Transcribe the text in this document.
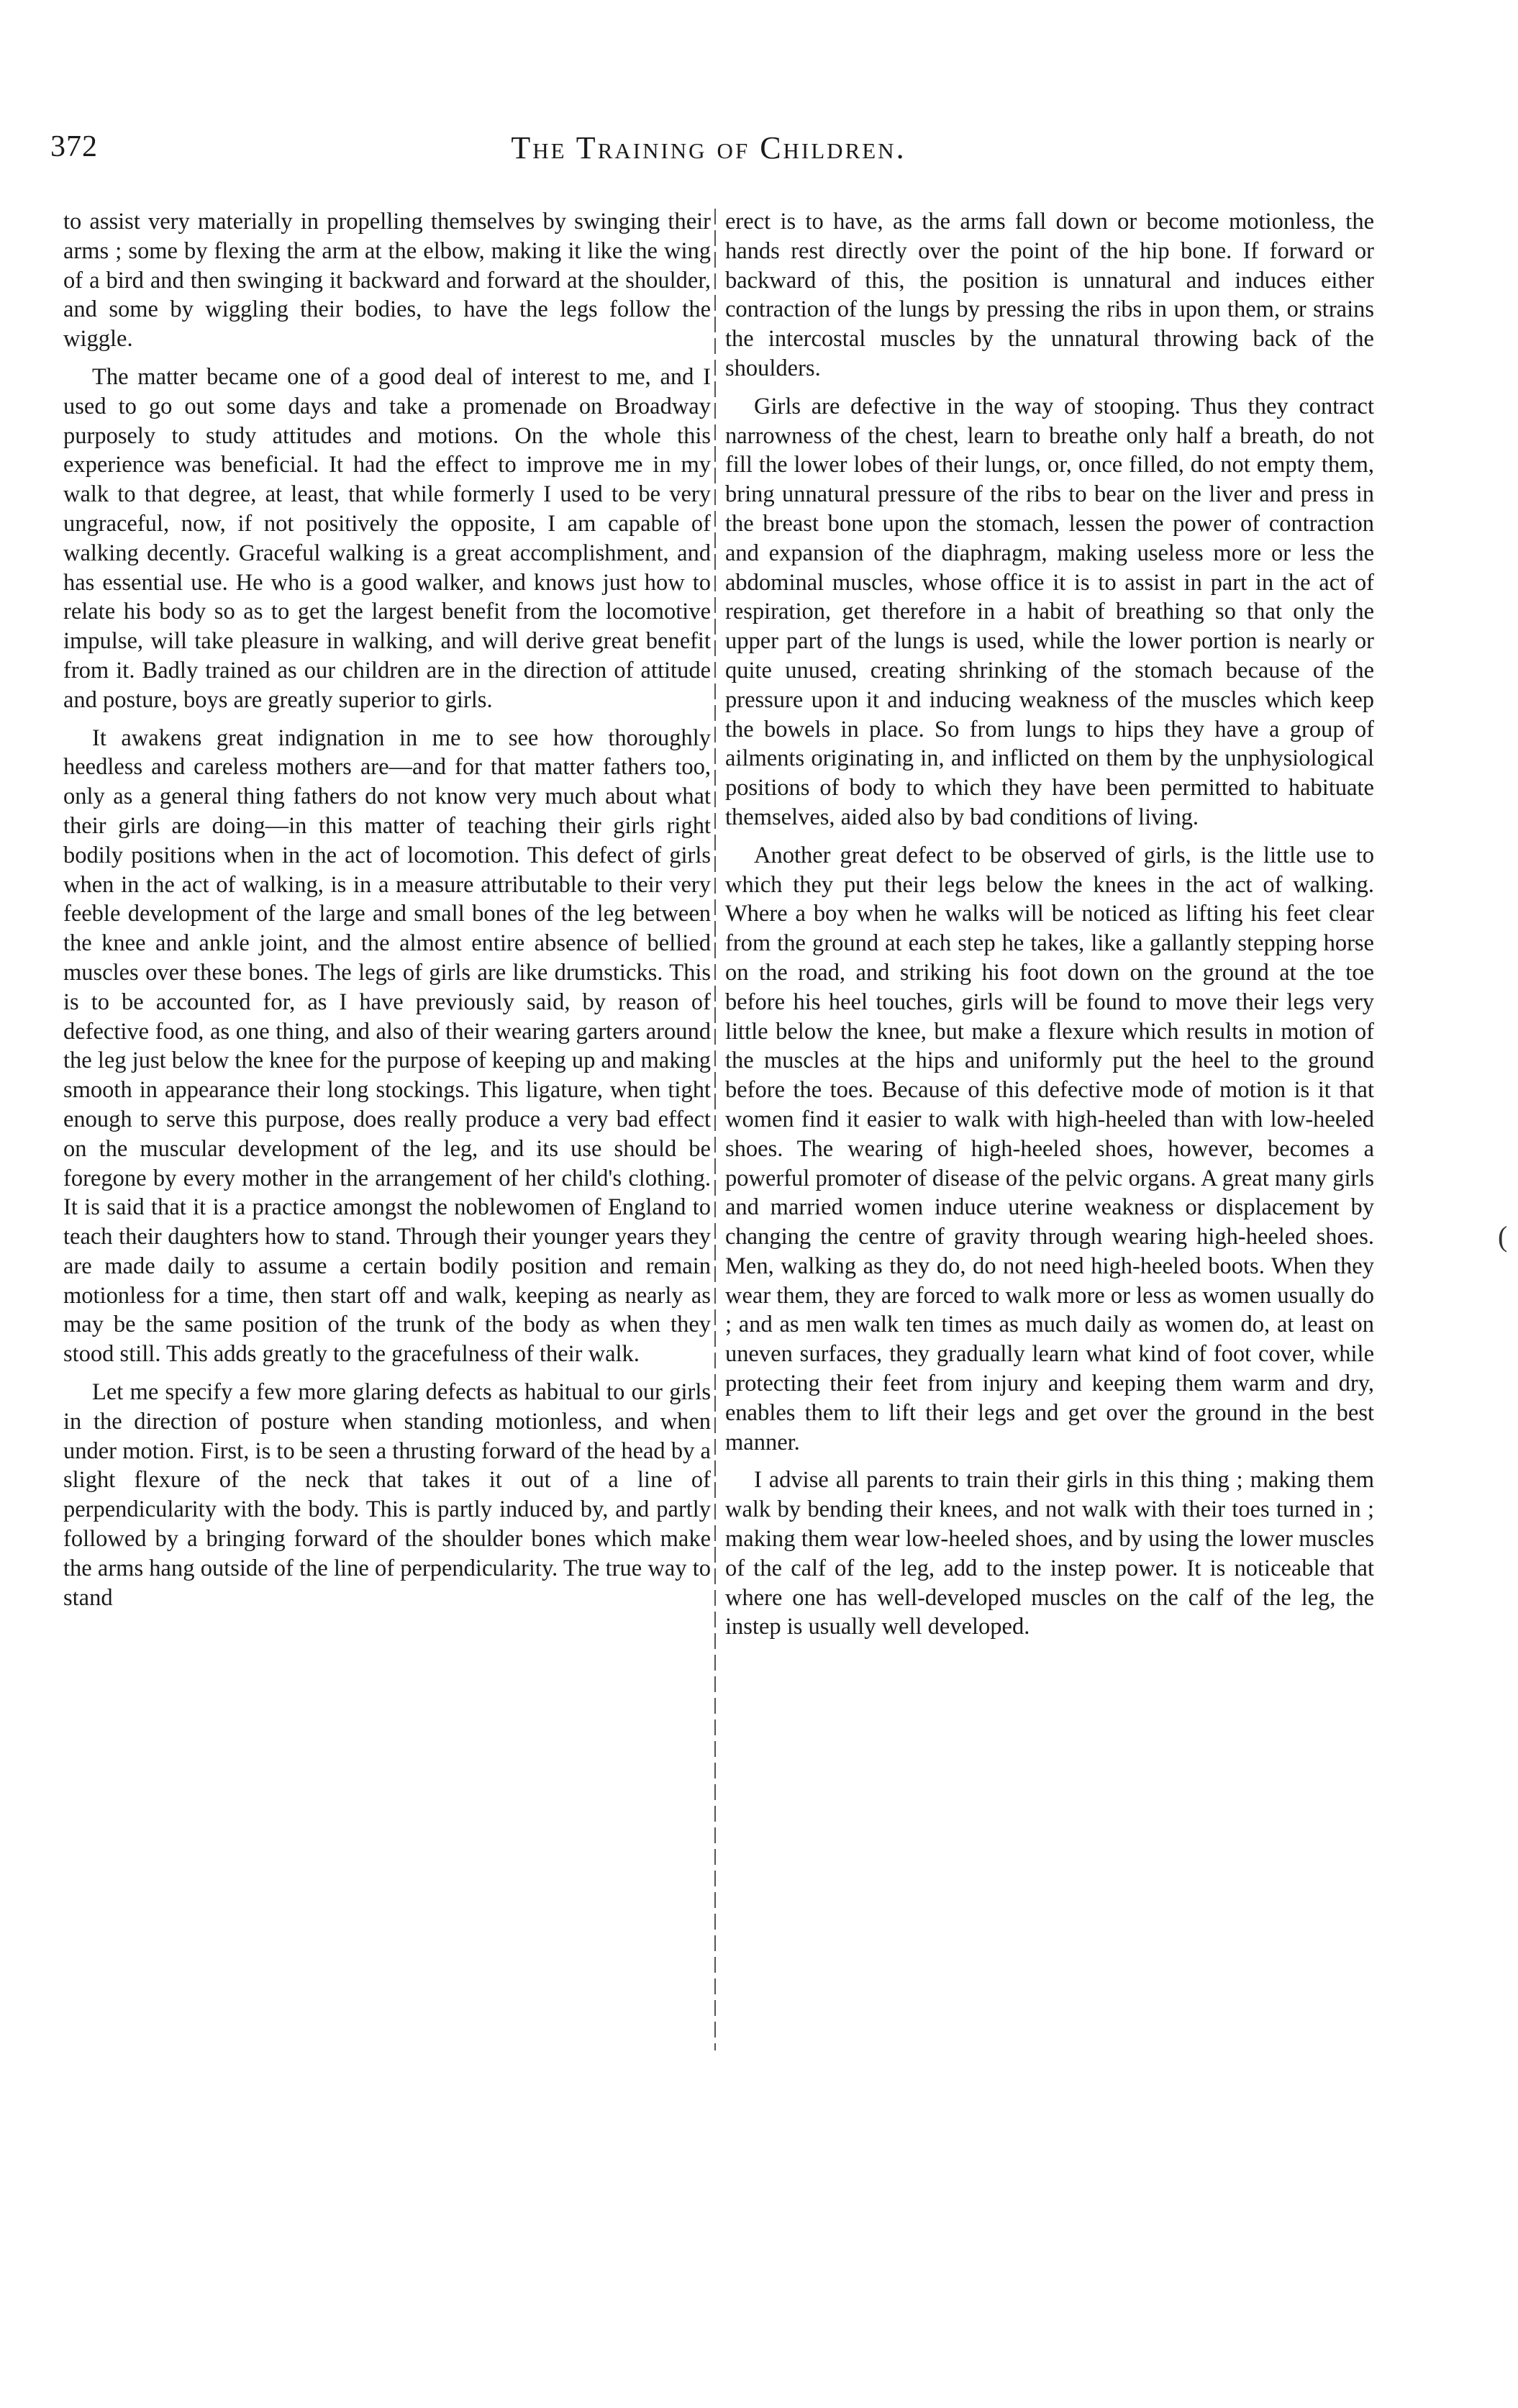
372	The Training of Children.

to assist very materially in propelling themselves by swinging their arms ; some by flexing the arm at the elbow, making it like the wing of a bird and then swinging it backward and forward at the shoulder, and some by wiggling their bodies, to have the legs follow the wiggle.

The matter became one of a good deal of interest to me, and I used to go out some days and take a promenade on Broadway purposely to study attitudes and motions. On the whole this experience was beneficial. It had the effect to improve me in my walk to that degree, at least, that while formerly I used to be very ungraceful, now, if not positively the opposite, I am capable of walking decently. Graceful walking is a great accomplishment, and has essential use. He who is a good walker, and knows just how to relate his body so as to get the largest benefit from the locomotive impulse, will take pleasure in walking, and will derive great benefit from it. Badly trained as our children are in the direction of attitude and posture, boys are greatly superior to girls.

It awakens great indignation in me to see how thoroughly heedless and careless mothers are—and for that matter fathers too, only as a general thing fathers do not know very much about what their girls are doing—in this matter of teaching their girls right bodily positions when in the act of locomotion. This defect of girls when in the act of walking, is in a measure attributable to their very feeble development of the large and small bones of the leg between the knee and ankle joint, and the almost entire absence of bellied muscles over these bones. The legs of girls are like drumsticks. This is to be accounted for, as I have previously said, by reason of defective food, as one thing, and also of their wearing garters around the leg just below the knee for the purpose of keeping up and making smooth in appearance their long stockings. This ligature, when tight enough to serve this purpose, does really produce a very bad effect on the muscular development of the leg, and its use should be foregone by every mother in the arrangement of her child's clothing. It is said that it is a practice amongst the noblewomen of England to teach their daughters how to stand. Through their younger years they are made daily to assume a certain bodily position and remain motionless for a time, then start off and walk, keeping as nearly as may be the same position of the trunk of the body as when they stood still. This adds greatly to the gracefulness of their walk.

Let me specify a few more glaring defects as habitual to our girls in the direction of posture when standing motionless, and when under motion. First, is to be seen a thrusting forward of the head by a slight flexure of the neck that takes it out of a line of perpendicularity with the body. This is partly induced by, and partly followed by a bringing forward of the shoulder bones which make the arms hang outside of the line of perpendicularity. The true way to stand

erect is to have, as the arms fall down or become motionless, the hands rest directly over the point of the hip bone. If forward or backward of this, the position is unnatural and induces either contraction of the lungs by pressing the ribs in upon them, or strains the intercostal muscles by the unnatural throwing back of the shoulders.

Girls are defective in the way of stooping. Thus they contract narrowness of the chest, learn to breathe only half a breath, do not fill the lower lobes of their lungs, or, once filled, do not empty them, bring unnatural pressure of the ribs to bear on the liver and press in the breast bone upon the stomach, lessen the power of contraction and expansion of the diaphragm, making useless more or less the abdominal muscles, whose office it is to assist in part in the act of respiration, get therefore in a habit of breathing so that only the upper part of the lungs is used, while the lower portion is nearly or quite unused, creating shrinking of the stomach because of the pressure upon it and inducing weakness of the muscles which keep the bowels in place. So from lungs to hips they have a group of ailments originating in, and inflicted on them by the unphysiological positions of body to which they have been permitted to habituate themselves, aided also by bad conditions of living.

Another great defect to be observed of girls, is the little use to which they put their legs below the knees in the act of walking. Where a boy when he walks will be noticed as lifting his feet clear from the ground at each step he takes, like a gallantly stepping horse on the road, and striking his foot down on the ground at the toe before his heel touches, girls will be found to move their legs very little below the knee, but make a flexure which results in motion of the muscles at the hips and uniformly put the heel to the ground before the toes. Because of this defective mode of motion is it that women find it easier to walk with high-heeled than with low-heeled shoes. The wearing of high-heeled shoes, however, becomes a powerful promoter of disease of the pelvic organs. A great many girls and married women induce uterine weakness or displacement by changing the centre of gravity through wearing high-heeled shoes. Men, walking as they do, do not need high-heeled boots. When they wear them, they are forced to walk more or less as women usually do ; and as men walk ten times as much daily as women do, at least on uneven surfaces, they gradually learn what kind of foot cover, while protecting their feet from injury and keeping them warm and dry, enables them to lift their legs and get over the ground in the best manner.

I advise all parents to train their girls in this thing ; making them walk by bending their knees, and not walk with their toes turned in ; making them wear low-heeled shoes, and by using the lower muscles of the calf of the leg, add to the instep power. It is noticeable that where one has well-developed muscles on the calf of the leg, the instep is usually well developed.

(
